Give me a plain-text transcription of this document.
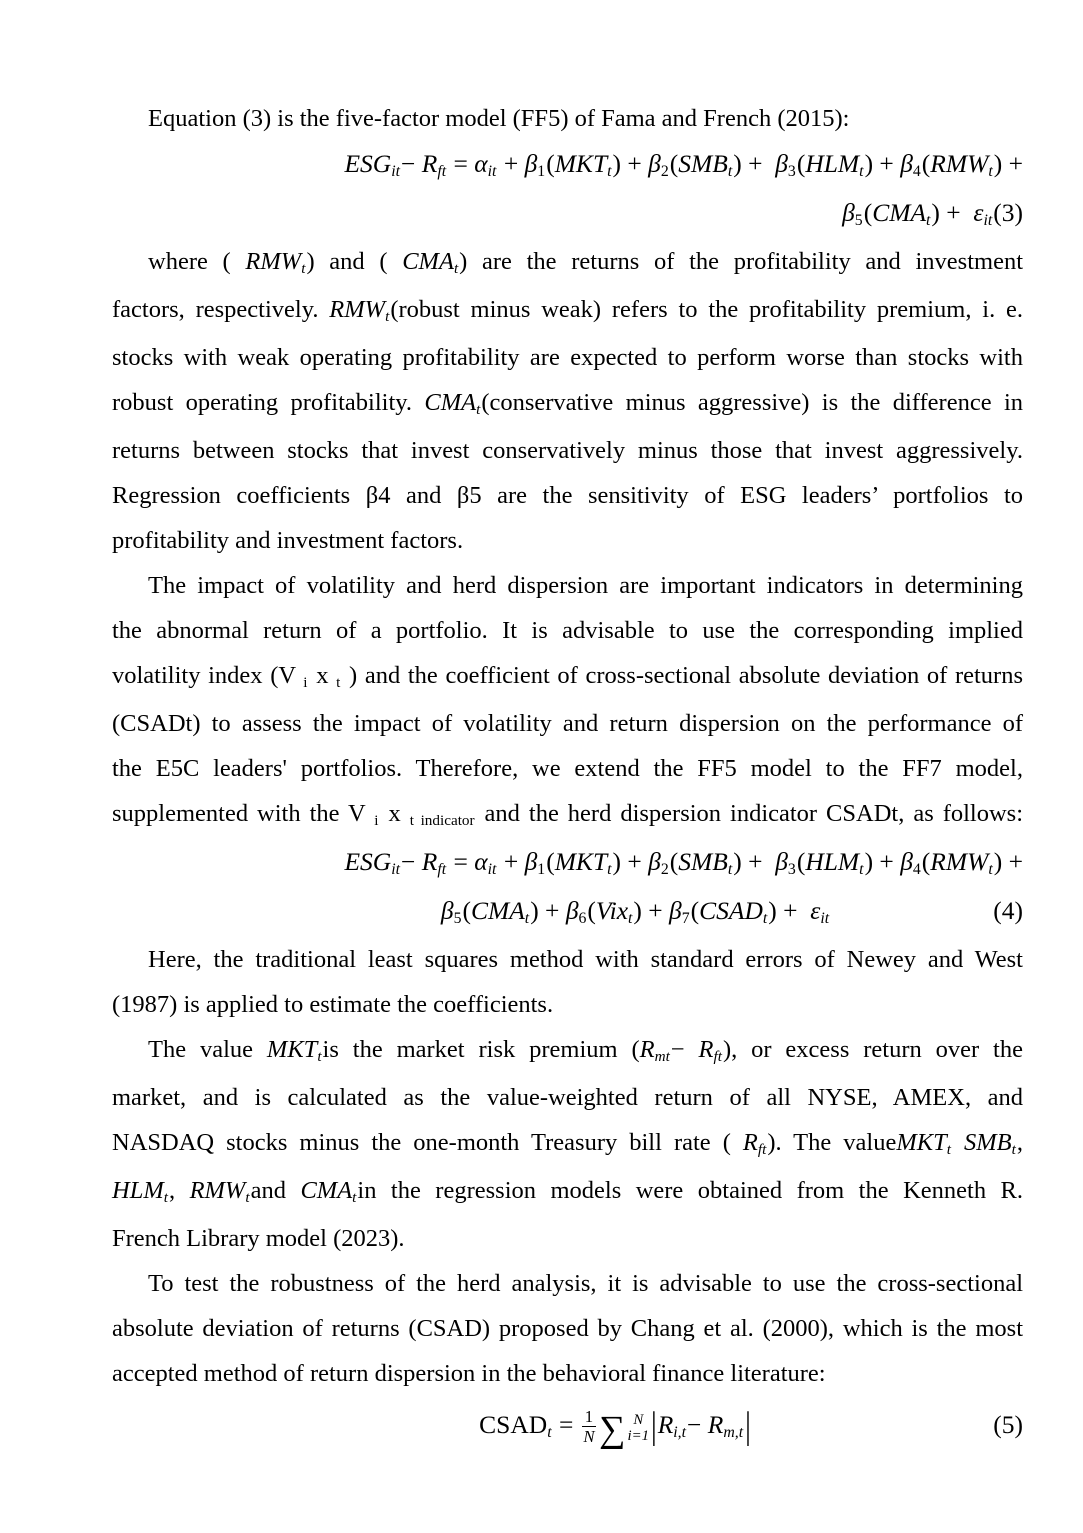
Equation (3) is the five-factor model (FF5) of Fama and French (2015):
ESGit− Rft = αit + β1(MKTt) + β2(SMBt) +  β3(HLMt) + β4(RMWt) +
β5(CMAt) +  εit(3)
where ( RMWt) and ( CMAt) are the returns of the profitability and investment
factors, respectively. RMWt(robust minus weak) refers to the profitability premium, i. e.
stocks with weak operating profitability are expected to perform worse than stocks with
robust operating profitability. CMAt(conservative minus aggressive) is the difference in
returns between stocks that invest conservatively minus those that invest aggressively.
Regression coefficients β4 and β5 are the sensitivity of ESG leaders’ portfolios to
profitability and investment factors.
The impact of volatility and herd dispersion are important indicators in determining
the abnormal return of a portfolio. It is advisable to use the corresponding implied
volatility index (V i x t ) and the coefficient of cross-sectional absolute deviation of returns
(CSADt) to assess the impact of volatility and return dispersion on the performance of
the E5C leaders' portfolios. Therefore, we extend the FF5 model to the FF7 model,
supplemented with the V i x t indicator and the herd dispersion indicator CSADt, as follows:
ESGit− Rft = αit + β1(MKTt) + β2(SMBt) +  β3(HLMt) + β4(RMWt) +
β5(CMAt) + β6(Vixt) + β7(CSADt) +  εit	(4)
Here, the traditional least squares method with standard errors of Newey and West
(1987) is applied to estimate the coefficients.
The value MKTtis the market risk premium (Rmt− Rft), or excess return over the
market, and is calculated as the value-weighted return of all NYSE, AMEX, and
NASDAQ stocks minus the one-month Treasury bill rate ( Rft). The valueMKTt SMBt,
HLMt, RMWtand CMAtin the regression models were obtained from the Kenneth R.
French Library model (2023).
To test the robustness of the herd analysis, it is advisable to use the cross-sectional
absolute deviation of returns (CSAD) proposed by Chang et al. (2000), which is the most
accepted method of return dispersion in the behavioral finance literature:
CSADt = $\frac{1}{N}$ ∑ N
i=1 |Ri,t− Rm,t|	(5)
